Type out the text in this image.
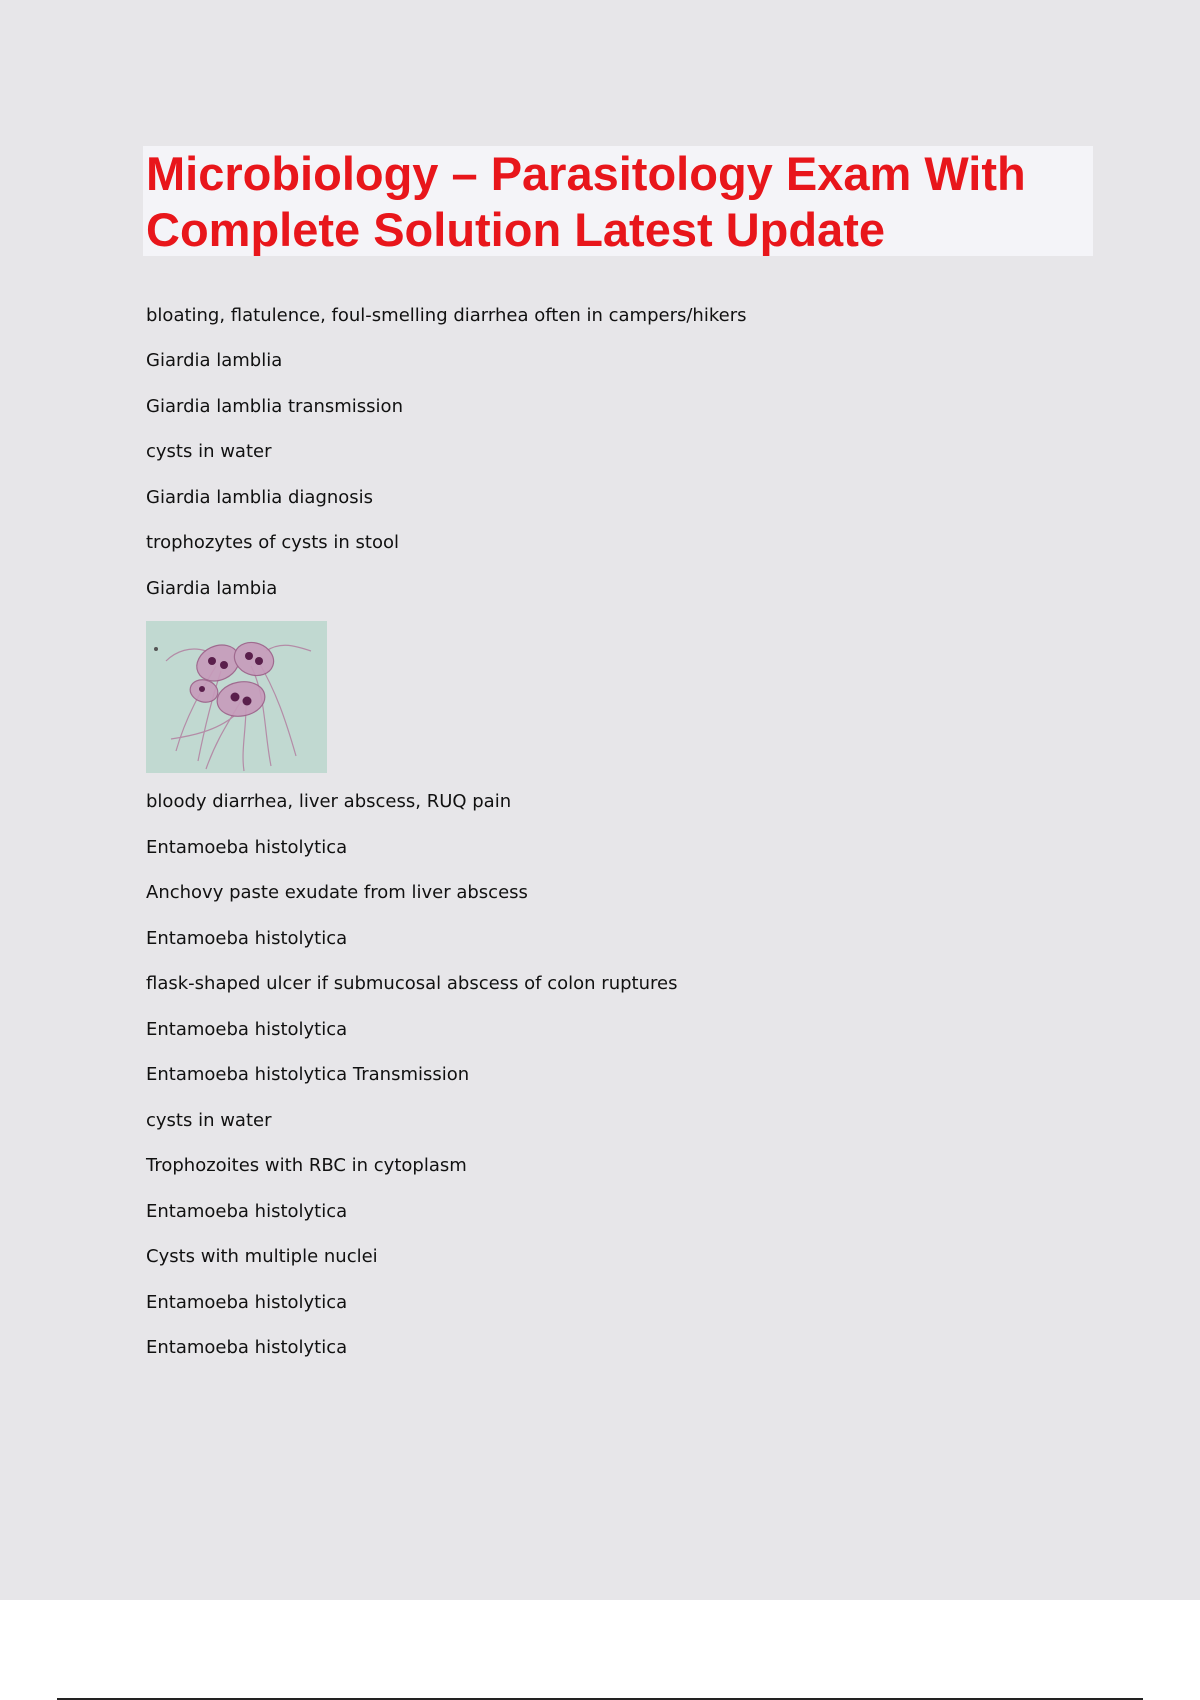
Microbiology – Parasitology Exam With
Complete Solution Latest Update
bloating, flatulence, foul-smelling diarrhea often in campers/hikers
Giardia lamblia
Giardia lamblia transmission
cysts in water
Giardia lamblia diagnosis
trophozytes of cysts in stool
Giardia lambia
bloody diarrhea, liver abscess, RUQ pain
Entamoeba histolytica
Anchovy paste exudate from liver abscess
Entamoeba histolytica
flask-shaped ulcer if submucosal abscess of colon ruptures
Entamoeba histolytica
Entamoeba histolytica Transmission
cysts in water
Trophozoites with RBC in cytoplasm
Entamoeba histolytica
Cysts with multiple nuclei
Entamoeba histolytica
Entamoeba histolytica
